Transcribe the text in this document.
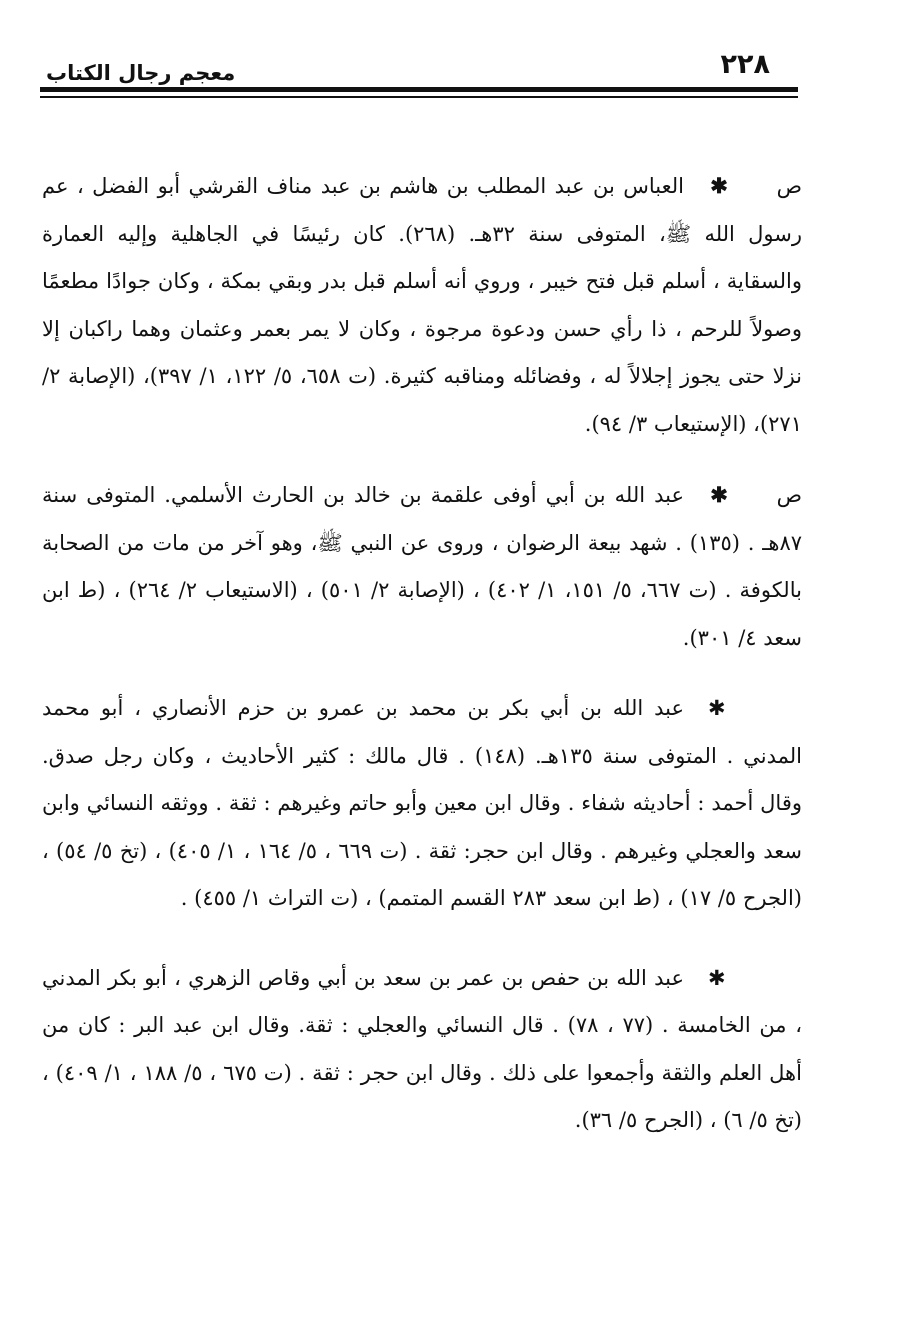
٢٢٨
معجم رجال الكتاب

ص✱العباس بن عبد المطلب بن هاشم بن عبد مناف القرشي أبو الفضل ، عم رسول الله ﷺ، المتوفى سنة ٣٢هـ. (٢٦٨). كان رئيسًا في الجاهلية وإليه العمارة والسقاية ، أسلم قبل فتح خيبر ، وروي أنه أسلم قبل بدر وبقي بمكة ، وكان جوادًا مطعمًا وصولاً للرحم ، ذا رأي حسن ودعوة مرجوة ، وكان لا يمر بعمر وعثمان وهما راكبان إلا نزلا حتى يجوز إجلالاً له ، وفضائله ومناقبه كثيرة. (ت ٦٥٨، ٥/ ١٢٢، ١/ ٣٩٧)، (الإصابة ٢/ ٢٧١)، (الإستيعاب ٣/ ٩٤).

ص✱عبد الله بن أبي أوفى علقمة بن خالد بن الحارث الأسلمي. المتوفى سنة ٨٧هـ . (١٣٥) . شهد بيعة الرضوان ، وروى عن النبي ﷺ، وهو آخر من مات من الصحابة بالكوفة . (ت ٦٦٧، ٥/ ١٥١، ١/ ٤٠٢) ، (الإصابة ٢/ ٥٠١) ، (الاستيعاب ٢/ ٢٦٤) ، (ط ابن سعد ٤/ ٣٠١).

✱عبد الله بن أبي بكر بن محمد بن عمرو بن حزم الأنصاري ، أبو محمد المدني . المتوفى سنة ١٣٥هـ. (١٤٨) . قال مالك : كثير الأحاديث ، وكان رجل صدق. وقال أحمد : أحاديثه شفاء . وقال ابن معين وأبو حاتم وغيرهم : ثقة . ووثقه النسائي وابن سعد والعجلي وغيرهم . وقال ابن حجر: ثقة . (ت ٦٦٩ ، ٥/ ١٦٤ ، ١/ ٤٠٥) ، (تخ ٥/ ٥٤) ، (الجرح ٥/ ١٧) ، (ط ابن سعد ٢٨٣ القسم المتمم) ، (ت التراث ١/ ٤٥٥) .

✱عبد الله بن حفص بن عمر بن سعد بن أبي وقاص الزهري ، أبو بكر المدني ، من الخامسة . (٧٧ ، ٧٨) . قال النسائي والعجلي : ثقة. وقال ابن عبد البر : كان من أهل العلم والثقة وأجمعوا على ذلك . وقال ابن حجر : ثقة . (ت ٦٧٥ ، ٥/ ١٨٨ ، ١/ ٤٠٩) ، (تخ ٥/ ٦) ، (الجرح ٥/ ٣٦).
